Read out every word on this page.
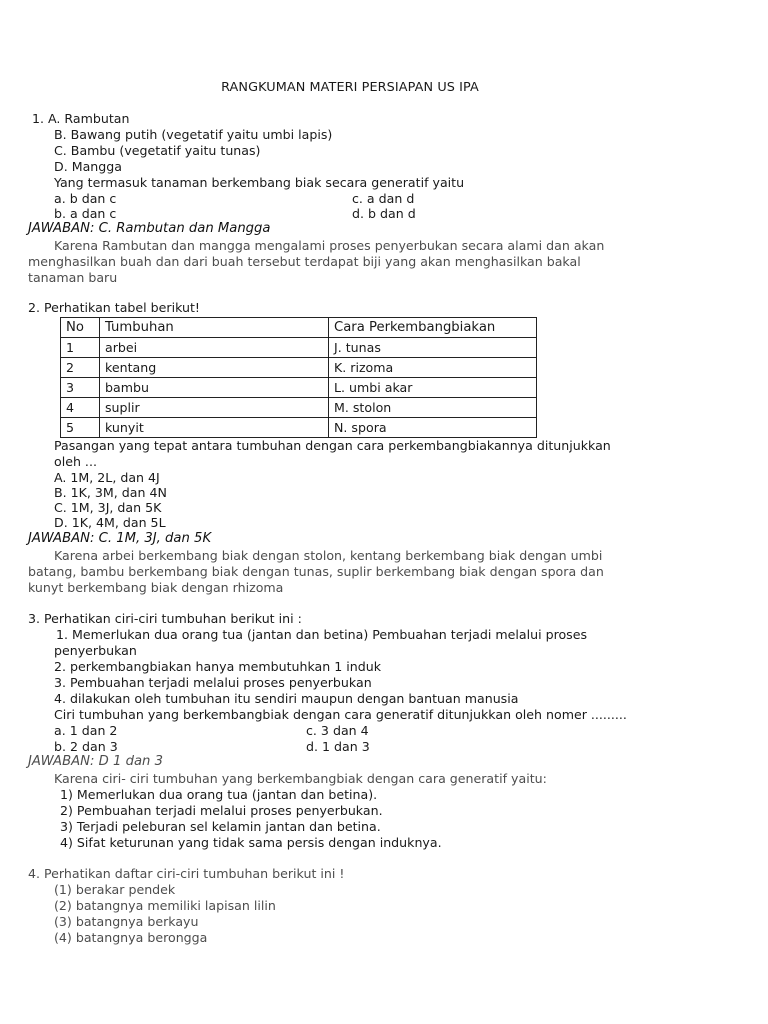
RANGKUMAN MATERI PERSIAPAN US IPA
1. A. Rambutan
B. Bawang putih (vegetatif yaitu umbi lapis)
C. Bambu (vegetatif yaitu tunas)
D. Mangga
Yang termasuk tanaman berkembang biak secara generatif yaitu
a. b dan c	c. a dan d
b. a dan c	d. b dan d
JAWABAN: C. Rambutan dan Mangga
Karena Rambutan dan mangga mengalami proses penyerbukan secara alami dan akan
menghasilkan buah dan dari buah tersebut terdapat biji yang akan menghasilkan bakal
tanaman baru
2. Perhatikan tabel berikut!
No	Tumbuhan	Cara Perkembangbiakan
1	arbei	J. tunas
2	kentang	K. rizoma
3	bambu	L. umbi akar
4	suplir	M. stolon
5	kunyit	N. spora
Pasangan yang tepat antara tumbuhan dengan cara perkembangbiakannya ditunjukkan
oleh ...
A. 1M, 2L, dan 4J
B. 1K, 3M, dan 4N
C. 1M, 3J, dan 5K
D. 1K, 4M, dan 5L
JAWABAN: C. 1M, 3J, dan 5K
Karena arbei berkembang biak dengan stolon, kentang berkembang biak dengan umbi
batang, bambu berkembang biak dengan tunas, suplir berkembang biak dengan spora dan
kunyt berkembang biak dengan rhizoma
3. Perhatikan ciri-ciri tumbuhan berikut ini :
1. Memerlukan dua orang tua (jantan dan betina) Pembuahan terjadi melalui proses
penyerbukan
2. perkembangbiakan hanya membutuhkan 1 induk
3. Pembuahan terjadi melalui proses penyerbukan
4. dilakukan oleh tumbuhan itu sendiri maupun dengan bantuan manusia
Ciri tumbuhan yang berkembangbiak dengan cara generatif ditunjukkan oleh nomer .........
a. 1 dan 2	c. 3 dan 4
b. 2 dan 3	d. 1 dan 3
JAWABAN: D 1 dan 3
Karena ciri- ciri tumbuhan yang berkembangbiak dengan cara generatif yaitu:
1) Memerlukan dua orang tua (jantan dan betina).
2) Pembuahan terjadi melalui proses penyerbukan.
3) Terjadi peleburan sel kelamin jantan dan betina.
4) Sifat keturunan yang tidak sama persis dengan induknya.
4. Perhatikan daftar ciri-ciri tumbuhan berikut ini !
(1) berakar pendek
(2) batangnya memiliki lapisan lilin
(3) batangnya berkayu
(4) batangnya berongga
